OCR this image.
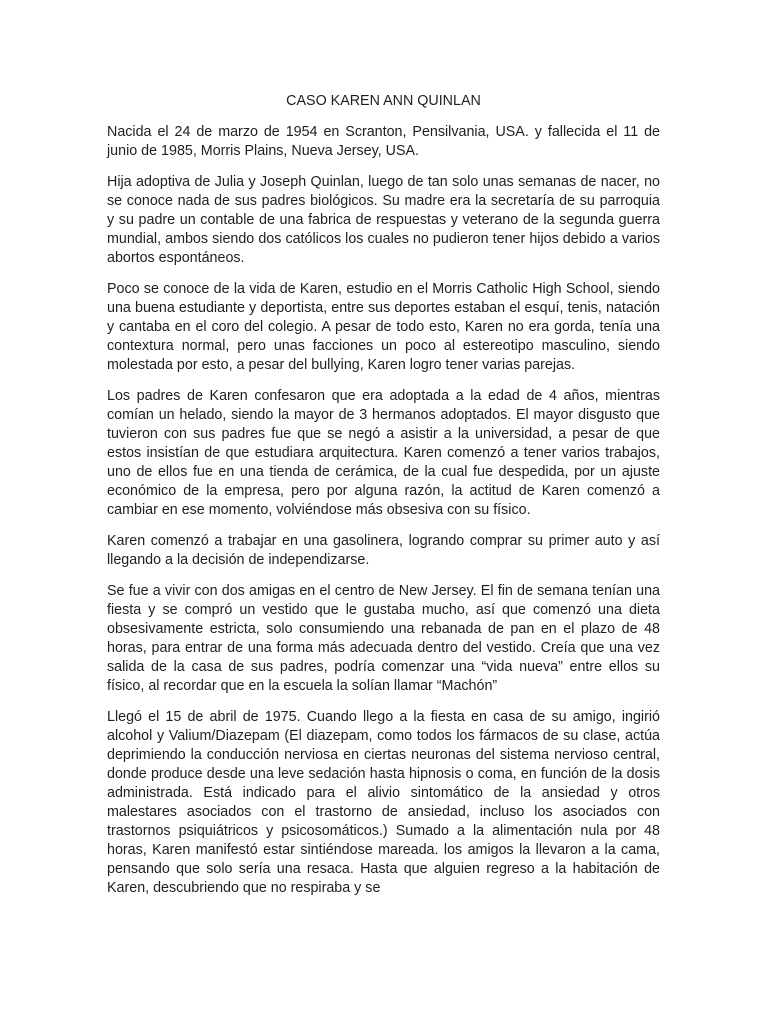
CASO KAREN ANN QUINLAN

Nacida el 24 de marzo de 1954 en Scranton, Pensilvania, USA. y fallecida el 11 de junio de 1985, Morris Plains, Nueva Jersey, USA.

Hija adoptiva de Julia y Joseph Quinlan, luego de tan solo unas semanas de nacer, no se conoce nada de sus padres biológicos. Su madre era la secretaría de su parroquia y su padre un contable de una fabrica de respuestas y veterano de la segunda guerra mundial, ambos siendo dos católicos los cuales no pudieron tener hijos debido a varios abortos espontáneos.

Poco se conoce de la vida de Karen, estudio en el Morris Catholic High School, siendo una buena estudiante y deportista, entre sus deportes estaban el esquí, tenis, natación y cantaba en el coro del colegio. A pesar de todo esto, Karen no era gorda, tenía una contextura normal, pero unas facciones un poco al estereotipo masculino, siendo molestada por esto, a pesar del bullying, Karen logro tener varias parejas.

Los padres de Karen confesaron que era adoptada a la edad de 4 años, mientras comían un helado, siendo la mayor de 3 hermanos adoptados. El mayor disgusto que tuvieron con sus padres fue que se negó a asistir a la universidad, a pesar de que estos insistían de que estudiara arquitectura. Karen comenzó a tener varios trabajos, uno de ellos fue en una tienda de cerámica, de la cual fue despedida, por un ajuste económico de la empresa, pero por alguna razón, la actitud de Karen comenzó a cambiar en ese momento, volviéndose más obsesiva con su físico.

Karen comenzó a trabajar en una gasolinera, logrando comprar su primer auto y así llegando a la decisión de independizarse.

Se fue a vivir con dos amigas en el centro de New Jersey. El fin de semana tenían una fiesta y se compró un vestido que le gustaba mucho, así que comenzó una dieta obsesivamente estricta, solo consumiendo una rebanada de pan en el plazo de 48 horas, para entrar de una forma más adecuada dentro del vestido. Creía que una vez salida de la casa de sus padres, podría comenzar una “vida nueva” entre ellos su físico, al recordar que en la escuela la solían llamar “Machón”

Llegó el 15 de abril de 1975. Cuando llego a la fiesta en casa de su amigo, ingirió alcohol y Valium/Diazepam (El diazepam, como todos los fármacos de su clase, actúa deprimiendo la conducción nerviosa en ciertas neuronas del sistema nervioso central, donde produce desde una leve sedación hasta hipnosis o coma, en función de la dosis administrada. Está indicado para el alivio sintomático de la ansiedad y otros malestares asociados con el trastorno de ansiedad, incluso los asociados con trastornos psiquiátricos y psicosomáticos.) Sumado a la alimentación nula por 48 horas, Karen manifestó estar sintiéndose mareada. los amigos la llevaron a la cama, pensando que solo sería una resaca. Hasta que alguien regreso a la habitación de Karen, descubriendo que no respiraba y se
